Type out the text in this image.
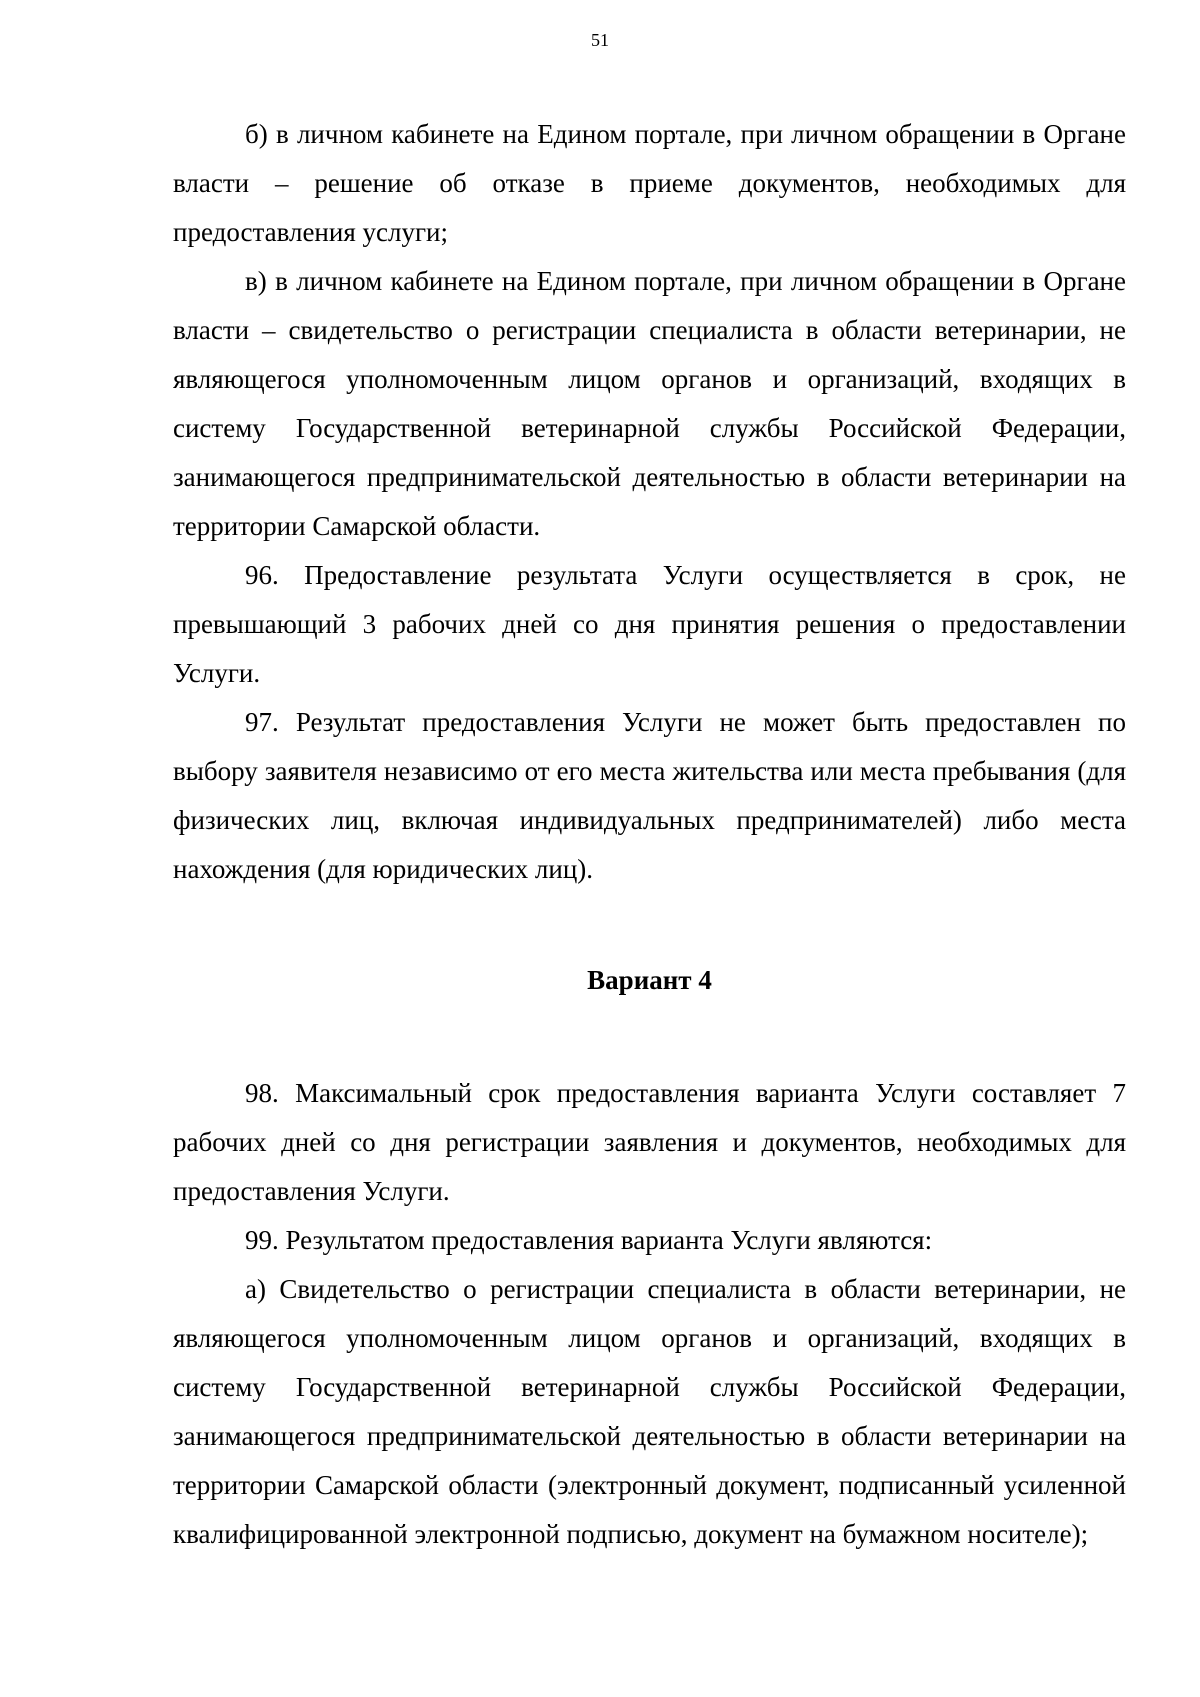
51

б) в личном кабинете на Едином портале, при личном обращении в Органе власти – решение об отказе в приеме документов, необходимых для предоставления услуги;

в) в личном кабинете на Едином портале, при личном обращении в Органе власти – свидетельство о регистрации специалиста в области ветеринарии, не являющегося уполномоченным лицом органов и организаций, входящих в систему Государственной ветеринарной службы Российской Федерации, занимающегося предпринимательской деятельностью в области ветеринарии на территории Самарской области.

96. Предоставление результата Услуги осуществляется в срок, не превышающий 3 рабочих дней со дня принятия решения о предоставлении Услуги.

97. Результат предоставления Услуги не может быть предоставлен по выбору заявителя независимо от его места жительства или места пребывания (для физических лиц, включая индивидуальных предпринимателей) либо места нахождения (для юридических лиц).

Вариант 4

98. Максимальный срок предоставления варианта Услуги составляет 7 рабочих дней со дня регистрации заявления и документов, необходимых для предоставления Услуги.

99. Результатом предоставления варианта Услуги являются:

а) Свидетельство о регистрации специалиста в области ветеринарии, не являющегося уполномоченным лицом органов и организаций, входящих в систему Государственной ветеринарной службы Российской Федерации, занимающегося предпринимательской деятельностью в области ветеринарии на территории Самарской области (электронный документ, подписанный усиленной квалифицированной электронной подписью, документ на бумажном носителе);
